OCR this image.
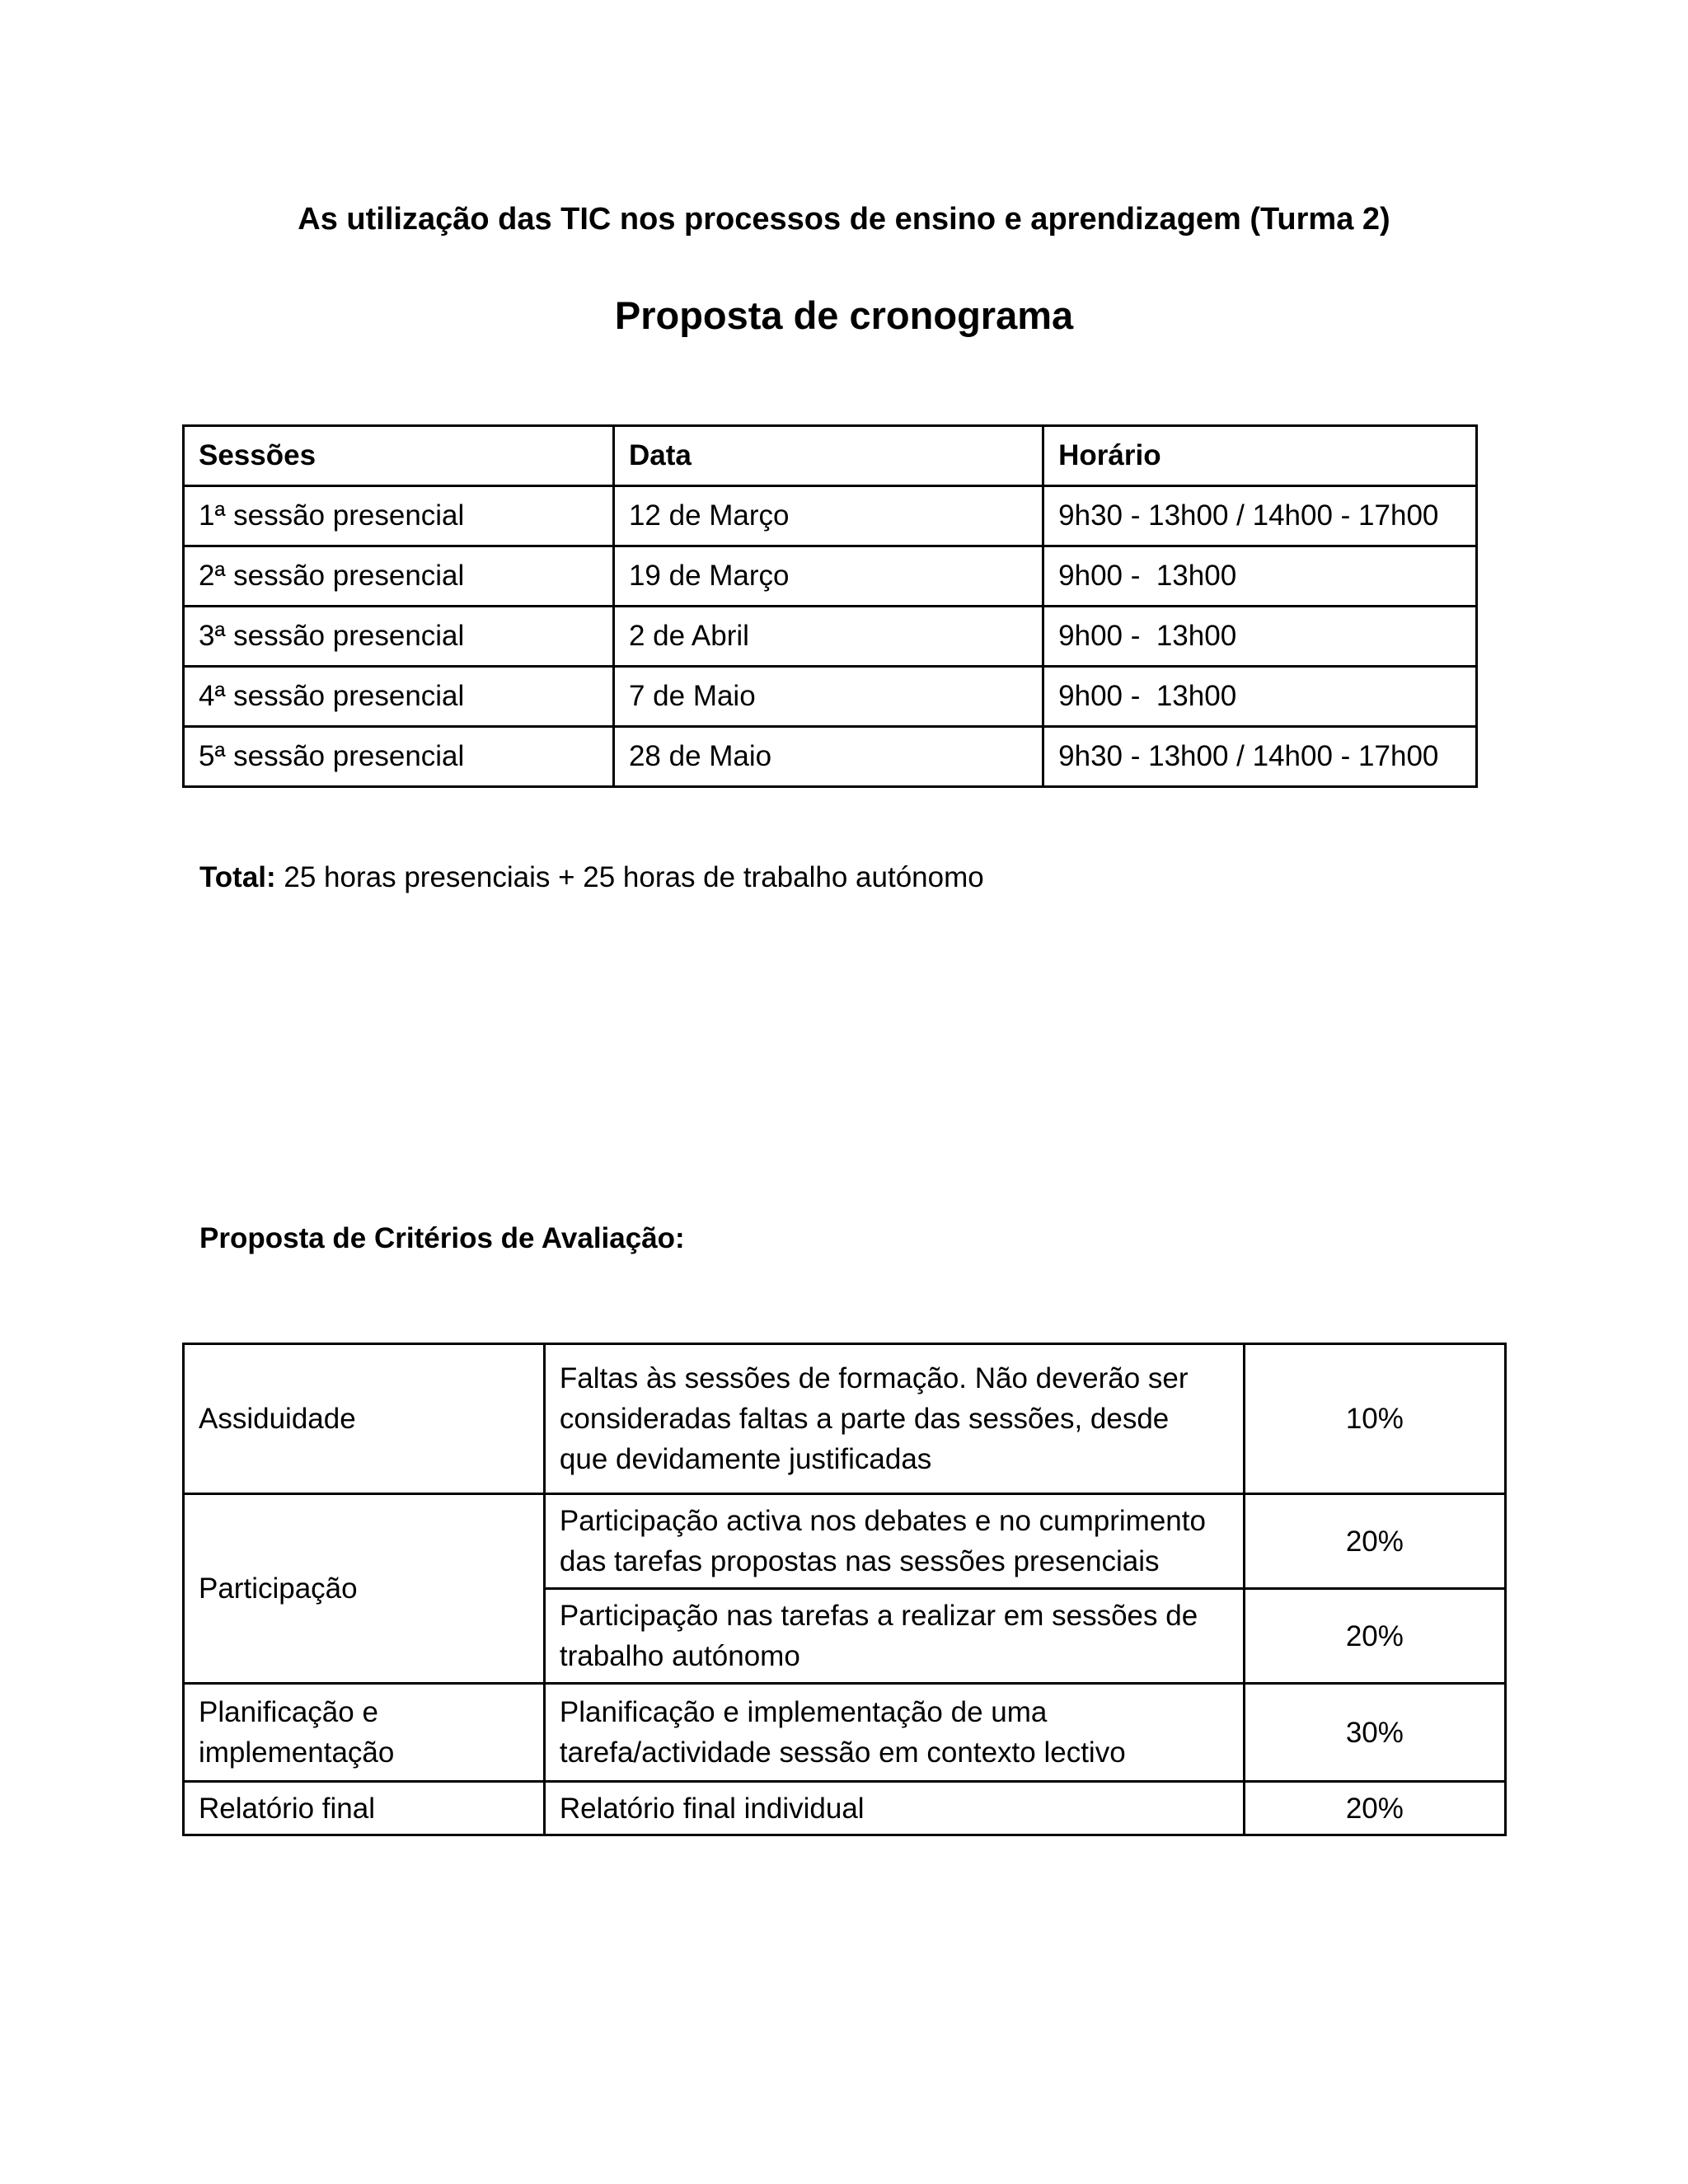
As utilização das TIC nos processos de ensino e aprendizagem (Turma 2)
Proposta de cronograma
Sessões	Data	Horário
1ª sessão presencial	12 de Março	9h30 - 13h00 / 14h00 - 17h00
2ª sessão presencial	19 de Março	9h00 -  13h00
3ª sessão presencial	2 de Abril	9h00 -  13h00
4ª sessão presencial	7 de Maio	9h00 -  13h00
5ª sessão presencial	28 de Maio	9h30 - 13h00 / 14h00 - 17h00

Total: 25 horas presenciais + 25 horas de trabalho autónomo

Proposta de Critérios de Avaliação:

Assiduidade	Faltas às sessões de formação. Não deverão ser
consideradas faltas a parte das sessões, desde
que devidamente justificadas	10%

Participação	Participação activa nos debates e no cumprimento
das tarefas propostas nas sessões presenciais	20%

	Participação nas tarefas a realizar em sessões de
trabalho autónomo	20%

Planificação e
implementação	Planificação e implementação de uma
tarefa/actividade sessão em contexto lectivo	30%

Relatório final	Relatório final individual	20%
